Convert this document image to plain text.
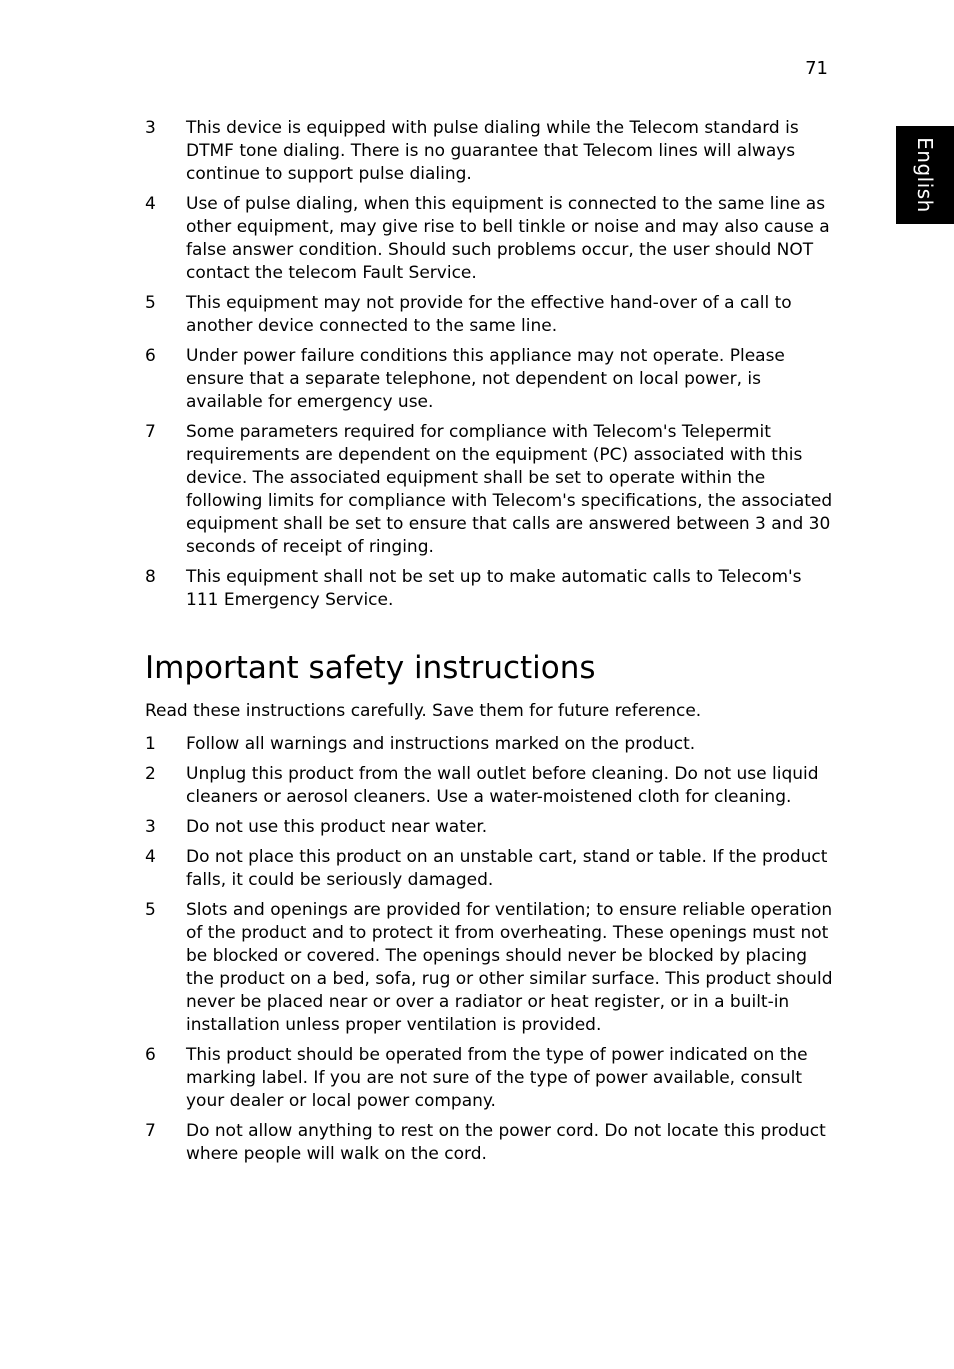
71
English
3	This device is equipped with pulse dialing while the Telecom standard is DTMF tone dialing. There is no guarantee that Telecom lines will always continue to support pulse dialing.
4	Use of pulse dialing, when this equipment is connected to the same line as other equipment, may give rise to bell tinkle or noise and may also cause a false answer condition. Should such problems occur, the user should NOT contact the telecom Fault Service.
5	This equipment may not provide for the effective hand-over of a call to another device connected to the same line.
6	Under power failure conditions this appliance may not operate. Please ensure that a separate telephone, not dependent on local power, is available for emergency use.
7	Some parameters required for compliance with Telecom's Telepermit requirements are dependent on the equipment (PC) associated with this device. The associated equipment shall be set to operate within the following limits for compliance with Telecom's specifications, the associated equipment shall be set to ensure that calls are answered between 3 and 30 seconds of receipt of ringing.
8	This equipment shall not be set up to make automatic calls to Telecom's 111 Emergency Service.
Important safety instructions

Read these instructions carefully. Save them for future reference.

1	Follow all warnings and instructions marked on the product.
2	Unplug this product from the wall outlet before cleaning. Do not use liquid cleaners or aerosol cleaners. Use a water-moistened cloth for cleaning.
3	Do not use this product near water.
4	Do not place this product on an unstable cart, stand or table. If the product falls, it could be seriously damaged.
5	Slots and openings are provided for ventilation; to ensure reliable operation of the product and to protect it from overheating. These openings must not be blocked or covered. The openings should never be blocked by placing the product on a bed, sofa, rug or other similar surface. This product should never be placed near or over a radiator or heat register, or in a built-in installation unless proper ventilation is provided.
6	This product should be operated from the type of power indicated on the marking label. If you are not sure of the type of power available, consult your dealer or local power company.
7	Do not allow anything to rest on the power cord. Do not locate this product where people will walk on the cord.
